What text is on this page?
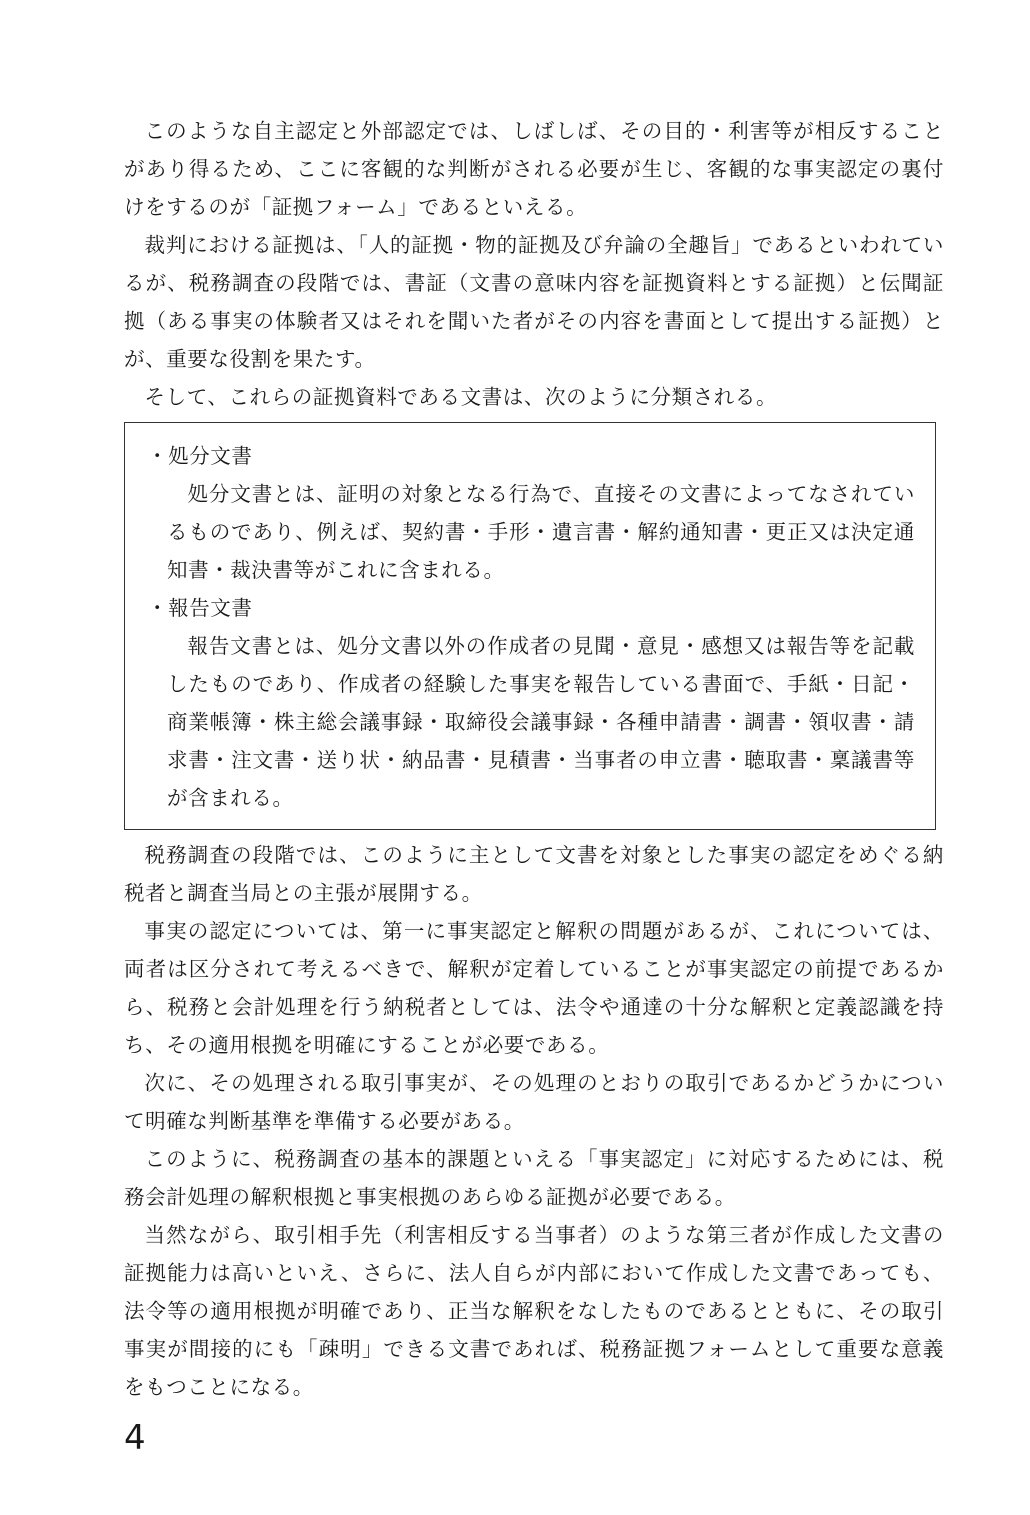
このような自主認定と外部認定では、しばしば、その目的・利害等が相反することがあり得るため、ここに客観的な判断がされる必要が生じ、客観的な事実認定の裏付けをするのが「証拠フォーム」であるといえる。

裁判における証拠は、「人的証拠・物的証拠及び弁論の全趣旨」であるといわれているが、税務調査の段階では、書証（文書の意味内容を証拠資料とする証拠）と伝聞証拠（ある事実の体験者又はそれを聞いた者がその内容を書面として提出する証拠）とが、重要な役割を果たす。

そして、これらの証拠資料である文書は、次のように分類される。

・処分文書

処分文書とは、証明の対象となる行為で、直接その文書によってなされているものであり、例えば、契約書・手形・遺言書・解約通知書・更正又は決定通知書・裁決書等がこれに含まれる。

・報告文書

報告文書とは、処分文書以外の作成者の見聞・意見・感想又は報告等を記載したものであり、作成者の経験した事実を報告している書面で、手紙・日記・商業帳簿・株主総会議事録・取締役会議事録・各種申請書・調書・領収書・請求書・注文書・送り状・納品書・見積書・当事者の申立書・聴取書・稟議書等が含まれる。

税務調査の段階では、このように主として文書を対象とした事実の認定をめぐる納税者と調査当局との主張が展開する。

事実の認定については、第一に事実認定と解釈の問題があるが、これについては、両者は区分されて考えるべきで、解釈が定着していることが事実認定の前提であるから、税務と会計処理を行う納税者としては、法令や通達の十分な解釈と定義認識を持ち、その適用根拠を明確にすることが必要である。

次に、その処理される取引事実が、その処理のとおりの取引であるかどうかについて明確な判断基準を準備する必要がある。

このように、税務調査の基本的課題といえる「事実認定」に対応するためには、税務会計処理の解釈根拠と事実根拠のあらゆる証拠が必要である。

当然ながら、取引相手先（利害相反する当事者）のような第三者が作成した文書の証拠能力は高いといえ、さらに、法人自らが内部において作成した文書であっても、法令等の適用根拠が明確であり、正当な解釈をなしたものであるとともに、その取引事実が間接的にも「疎明」できる文書であれば、税務証拠フォームとして重要な意義をもつことになる。

4
